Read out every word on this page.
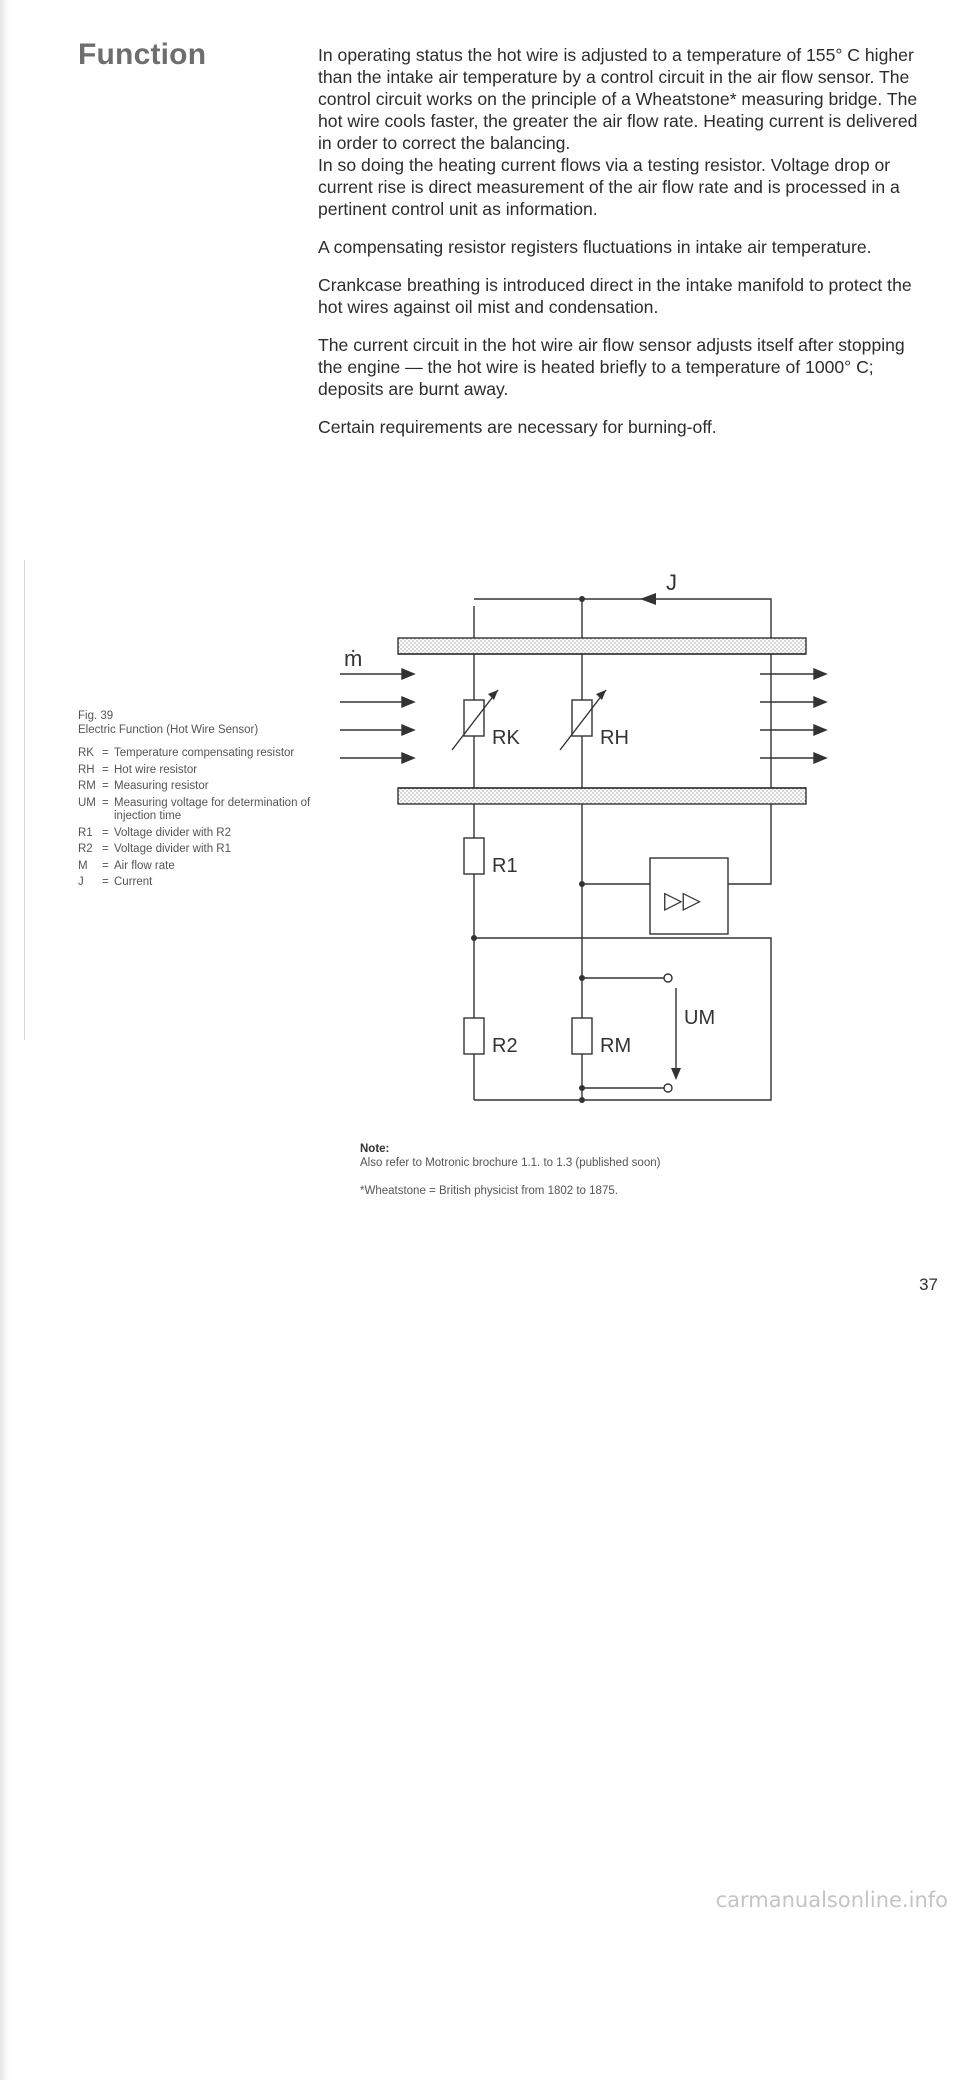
Function	In operating status the hot wire is adjusted to a temperature of 155° C higher than the intake air temperature by a control circuit in the air flow sensor. The control circuit works on the principle of a Wheatstone* measuring bridge. The hot wire cools faster, the greater the air flow rate. Heating current is delivered in order to correct the balancing.
In so doing the heating current flows via a testing resistor. Voltage drop or current rise is direct measurement of the air flow rate and is processed in a pertinent control unit as information.

A compensating resistor registers fluctuations in intake air temperature.

Crankcase breathing is introduced direct in the intake manifold to protect the hot wires against oil mist and condensation.

The current circuit in the hot wire air flow sensor adjusts itself after stopping the engine — the hot wire is heated briefly to a temperature of 1000° C; deposits are burnt away.

Certain requirements are necessary for burning-off.

Fig. 39
Electric Function (Hot Wire Sensor)
RK = Temperature compensating resistor
RH = Hot wire resistor
RM = Measuring resistor
UM = Measuring voltage for determination of injection time
R1 = Voltage divider with R2
R2 = Voltage divider with R1
M	= Air flow rate
J	= Current
J
ṁ
RK	RH
R1
R2	RM
UM
▷▷
Note:
Also refer to Motronic brochure 1.1. to 1.3 (published soon)
*Wheatstone = British physicist from 1802 to 1875.
37
carmanualsonline.info
